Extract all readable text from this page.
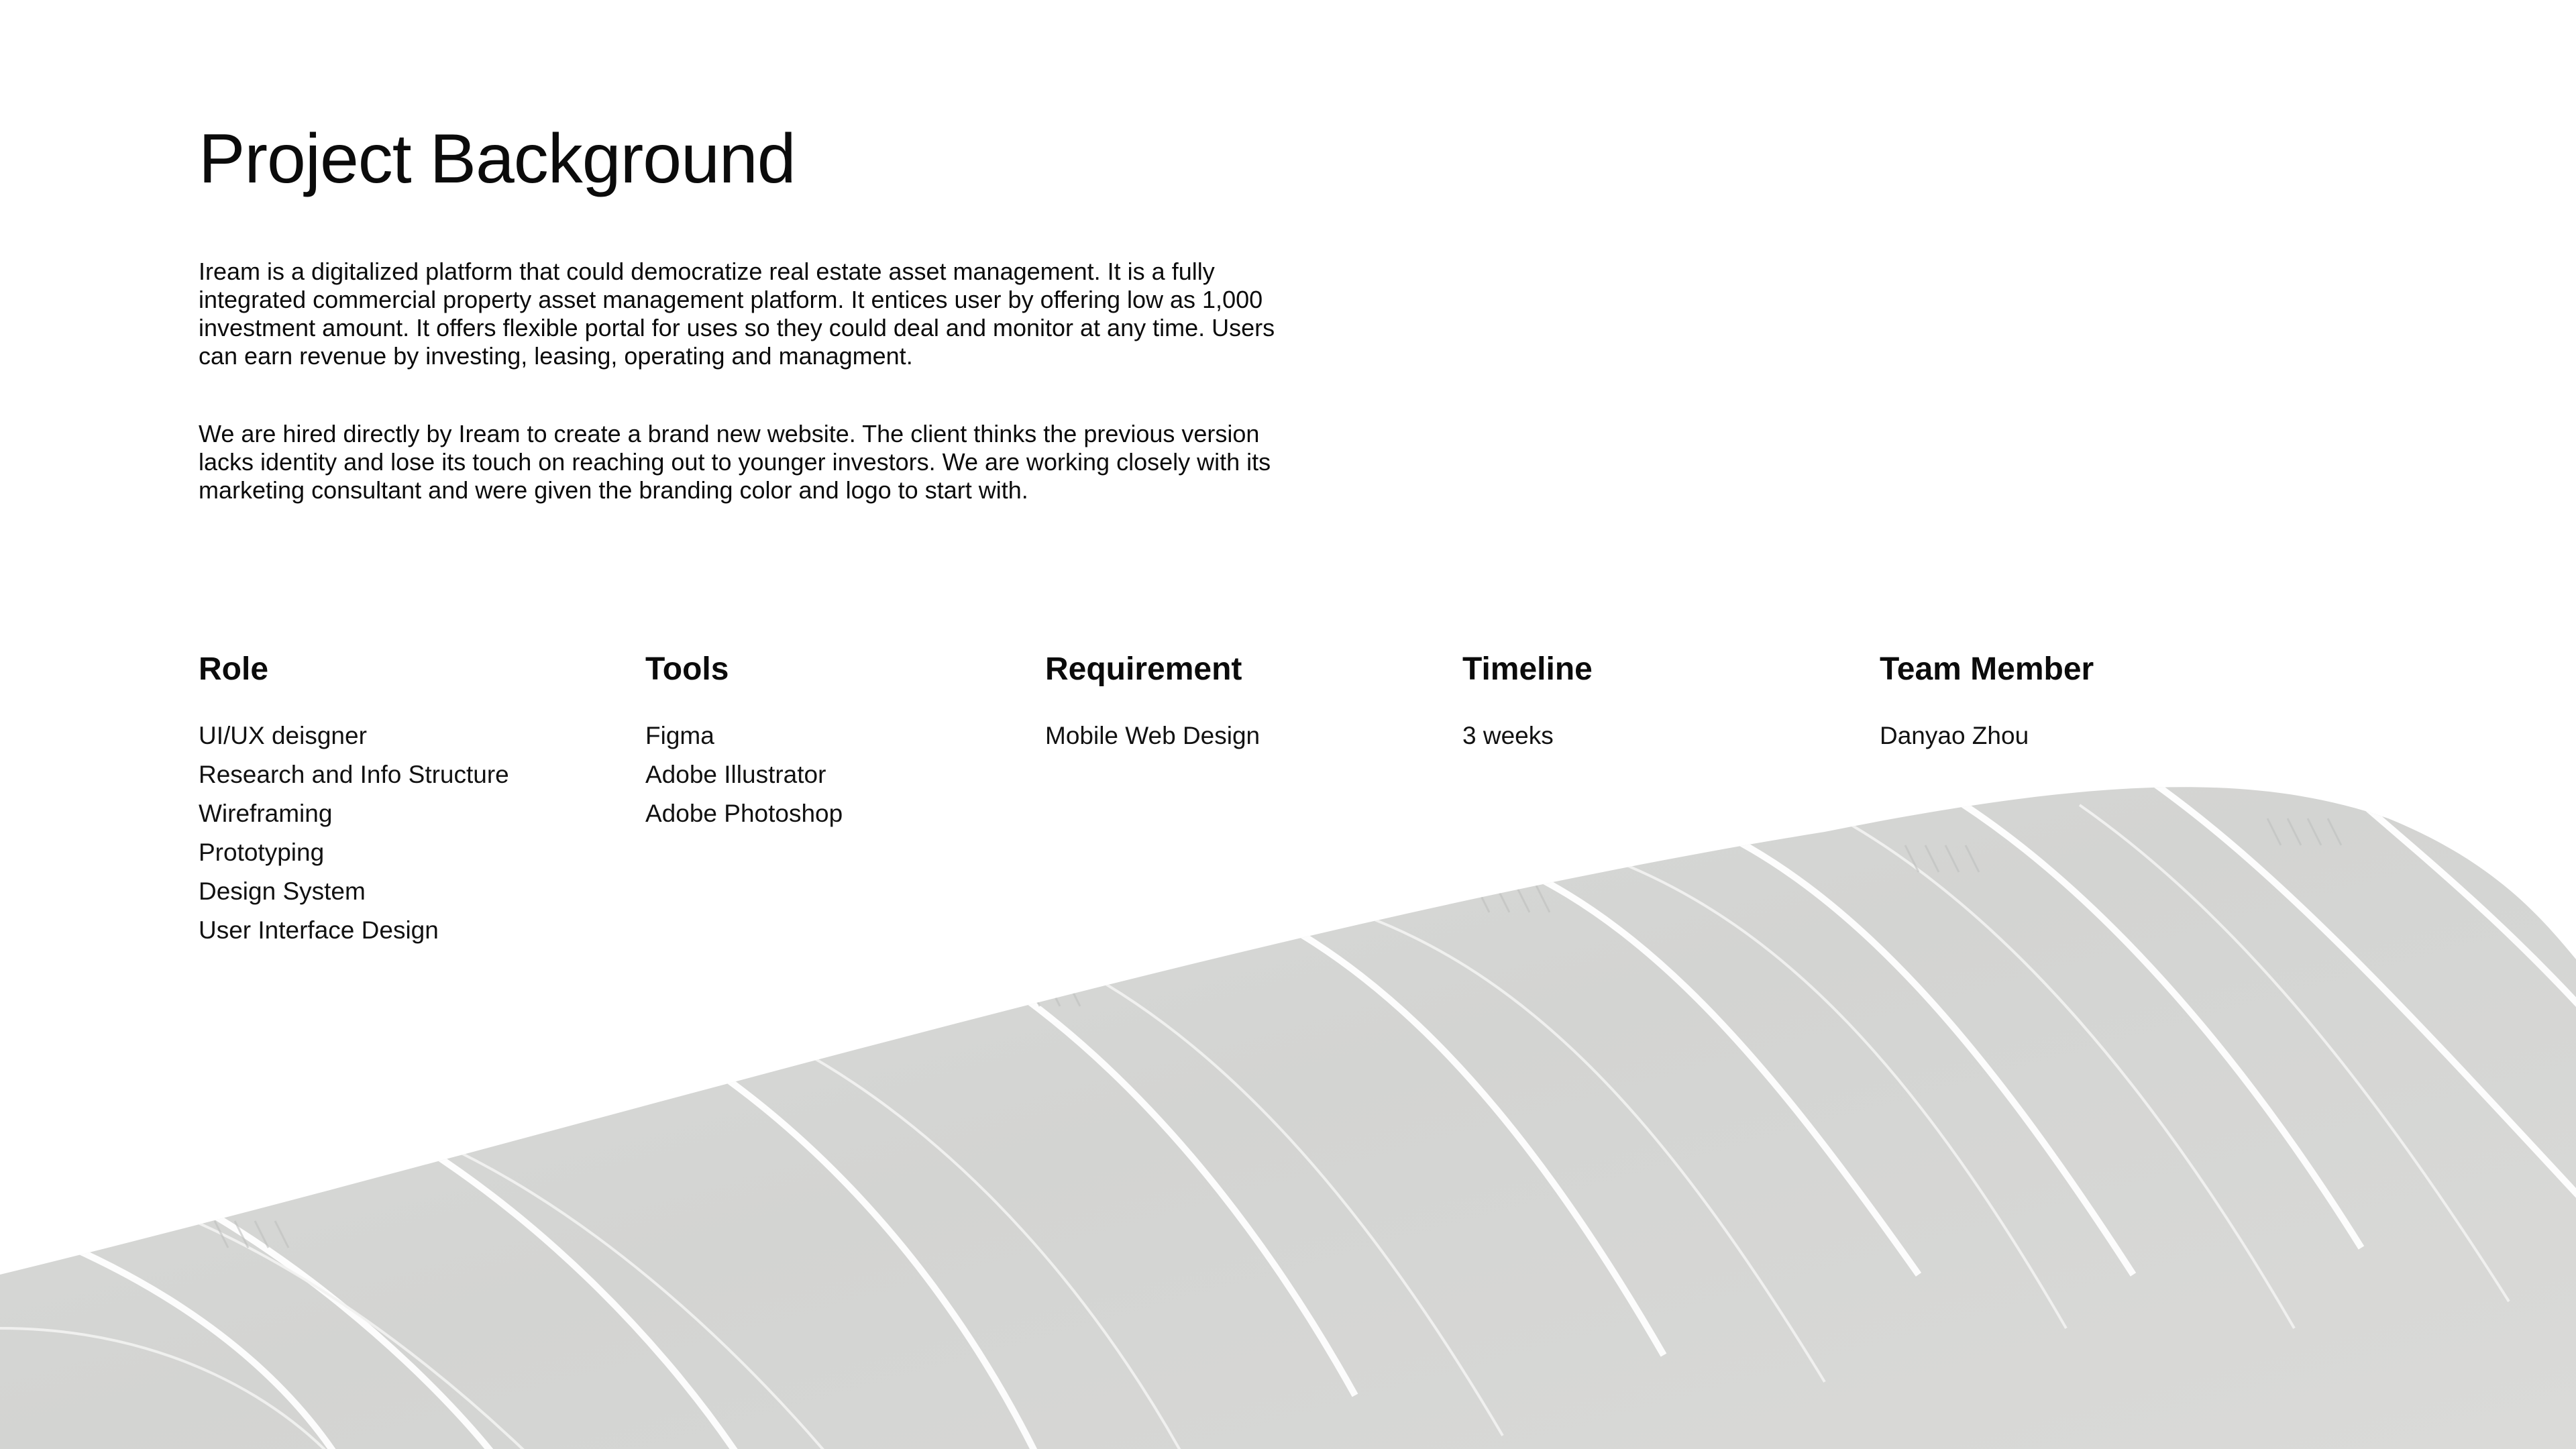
Project Background

Iream is a digitalized platform that could democratize real estate asset management. It is a fully integrated commercial property asset management platform. It entices user by offering low as 1,000 investment amount. It offers flexible portal for uses so they could deal and monitor at any time. Users can earn revenue by investing, leasing, operating and managment.

We are hired directly by Iream to create a brand new website. The client thinks the previous version lacks identity and lose its touch on reaching out to younger investors. We are working closely with its marketing consultant and were given the branding color and logo to start with.

Role
UI/UX deisgner
Research and Info Structure
Wireframing
Prototyping
Design System
User Interface Design
Tools
Figma
Adobe Illustrator
Adobe Photoshop
Requirement
Mobile Web Design
Timeline
3 weeks
Team Member
Danyao Zhou
